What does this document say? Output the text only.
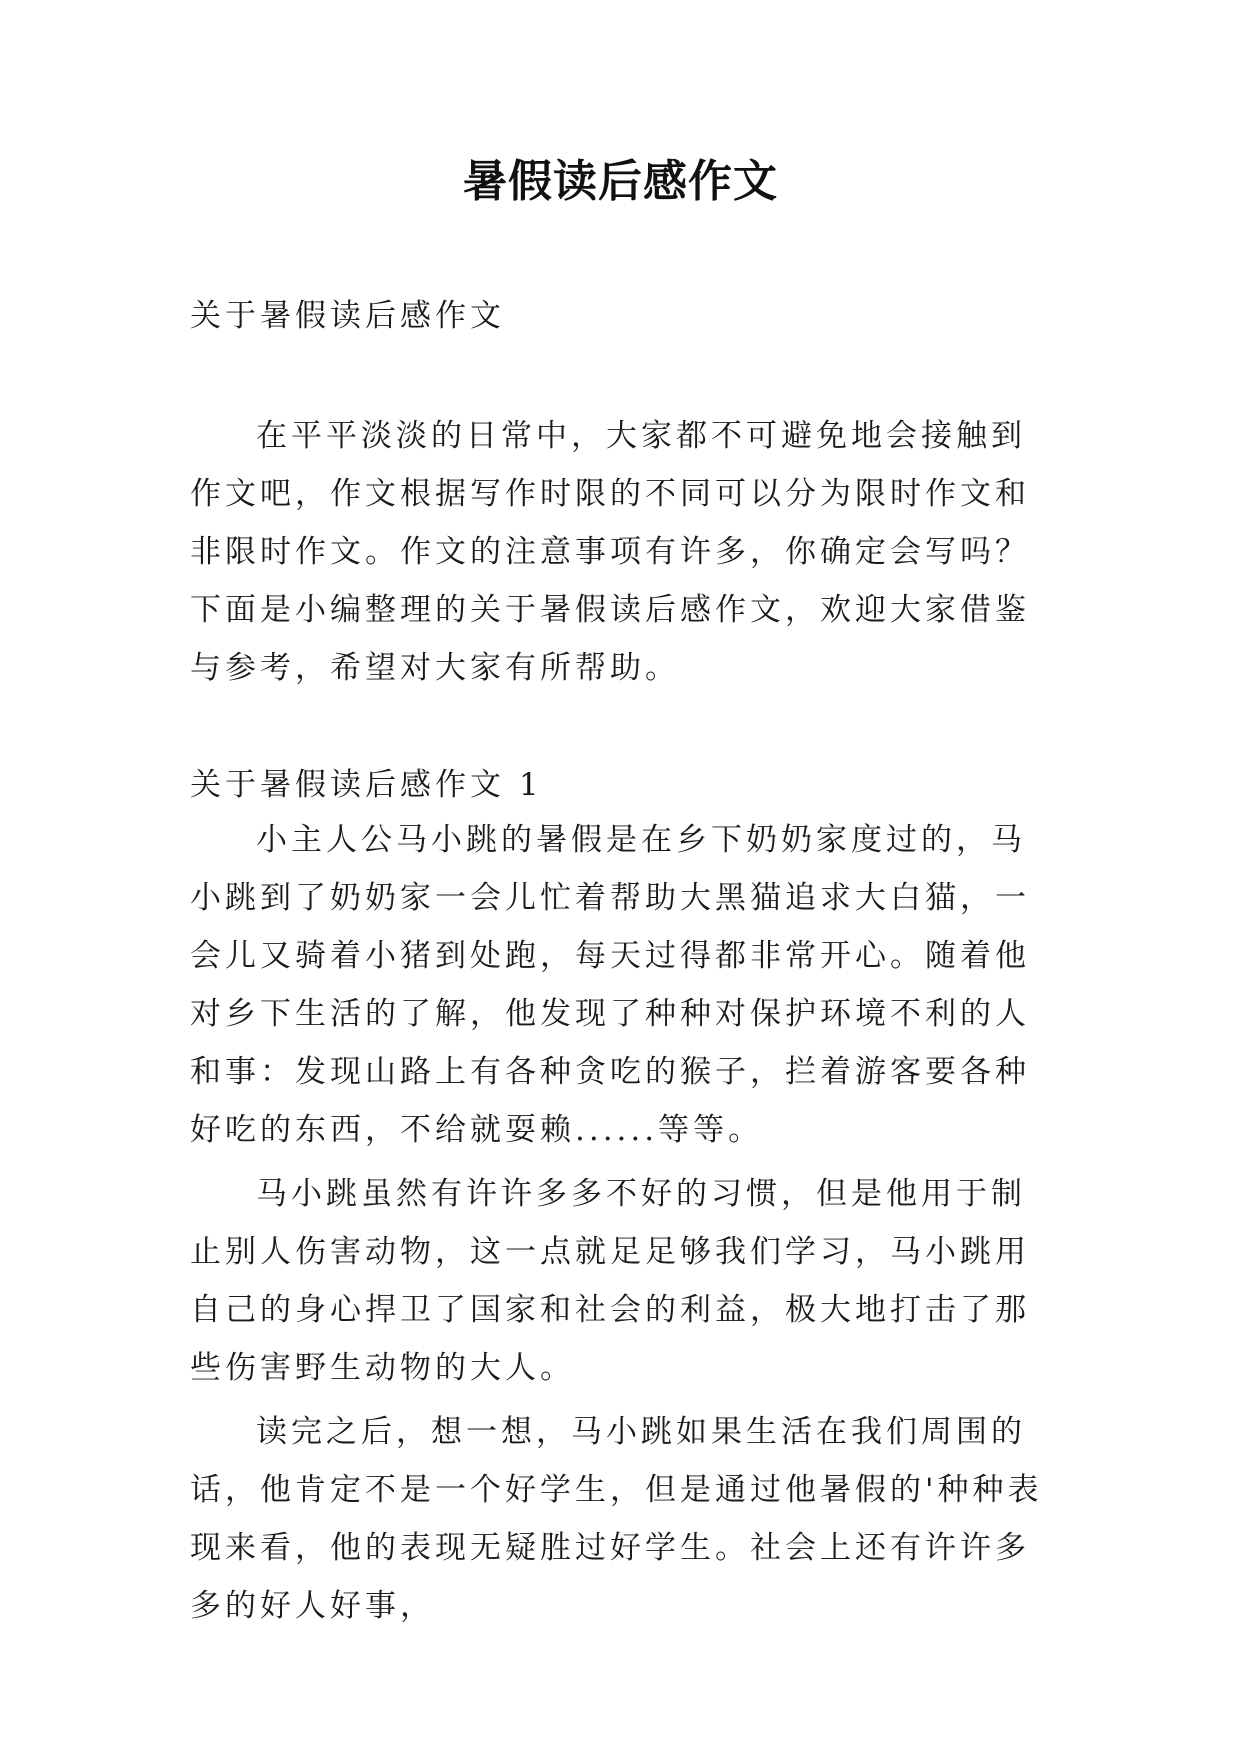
暑假读后感作文

关于暑假读后感作文

在平平淡淡的日常中，大家都不可避免地会接触到作文吧，作文根据写作时限的不同可以分为限时作文和非限时作文。作文的注意事项有许多，你确定会写吗？下面是小编整理的关于暑假读后感作文，欢迎大家借鉴与参考，希望对大家有所帮助。

关于暑假读后感作文 1

小主人公马小跳的暑假是在乡下奶奶家度过的，马小跳到了奶奶家一会儿忙着帮助大黑猫追求大白猫，一会儿又骑着小猪到处跑，每天过得都非常开心。随着他对乡下生活的了解，他发现了种种对保护环境不利的人和事：发现山路上有各种贪吃的猴子，拦着游客要各种好吃的东西，不给就耍赖......等等。

马小跳虽然有许许多多不好的习惯，但是他用于制止别人伤害动物，这一点就足足够我们学习，马小跳用自己的身心捍卫了国家和社会的利益，极大地打击了那些伤害野生动物的大人。

读完之后，想一想，马小跳如果生活在我们周围的话，他肯定不是一个好学生，但是通过他暑假的'种种表现来看，他的表现无疑胜过好学生。社会上还有许许多多的好人好事，
